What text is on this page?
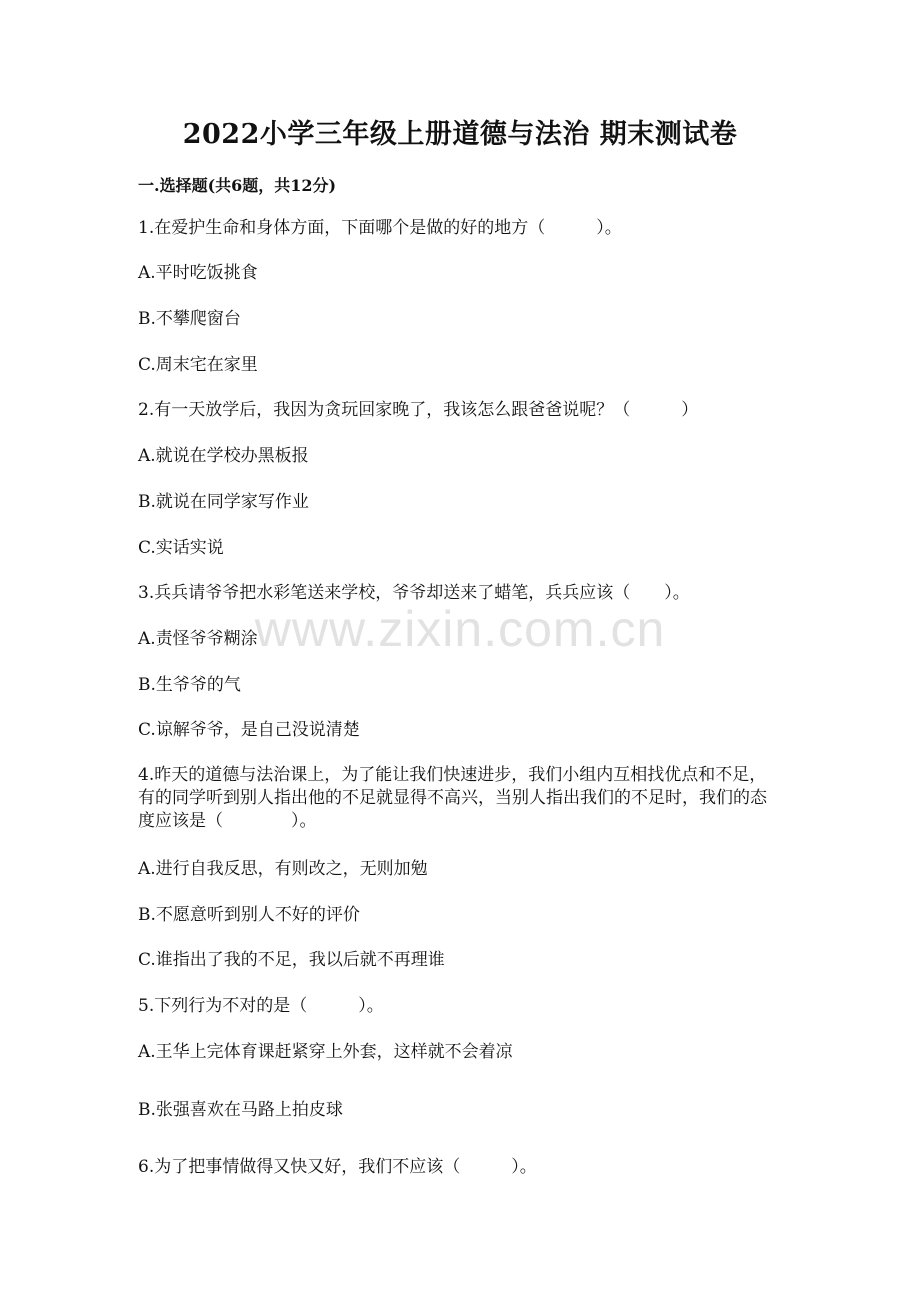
www.zixin.com.cn
2022小学三年级上册道德与法治 期末测试卷
一.选择题(共6题，共12分)
1.在爱护生命和身体方面，下面哪个是做的好的地方（　　　）。
A.平时吃饭挑食
B.不攀爬窗台
C.周末宅在家里
2.有一天放学后，我因为贪玩回家晚了，我该怎么跟爸爸说呢？（　　　）
A.就说在学校办黑板报
B.就说在同学家写作业
C.实话实说
3.兵兵请爷爷把水彩笔送来学校，爷爷却送来了蜡笔，兵兵应该（　　）。
A.责怪爷爷糊涂
B.生爷爷的气
C.谅解爷爷，是自己没说清楚
4.昨天的道德与法治课上，为了能让我们快速进步，我们小组内互相找优点和不足，有的同学听到别人指出他的不足就显得不高兴，当别人指出我们的不足时，我们的态度应该是（　　　　）。
A.进行自我反思，有则改之，无则加勉
B.不愿意听到别人不好的评价
C.谁指出了我的不足，我以后就不再理谁
5.下列行为不对的是（　　　）。
A.王华上完体育课赶紧穿上外套，这样就不会着凉
B.张强喜欢在马路上拍皮球
6.为了把事情做得又快又好，我们不应该（　　　）。
